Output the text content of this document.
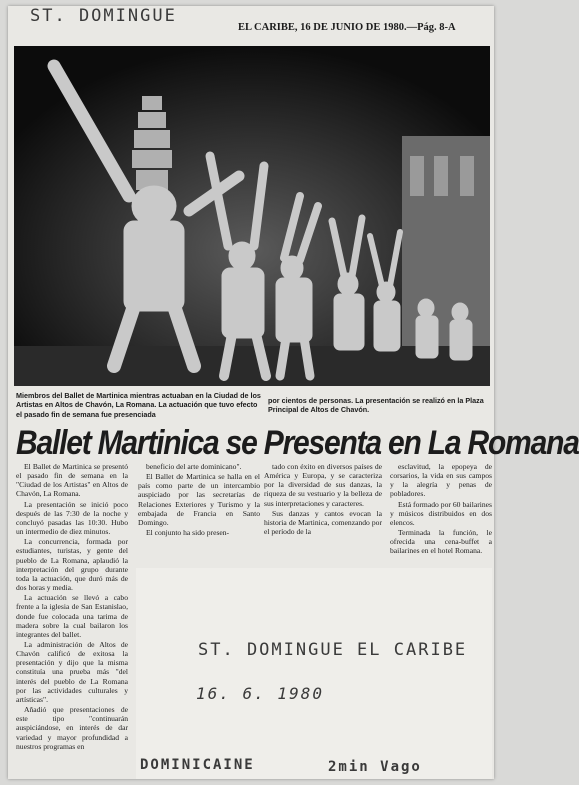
ST. DOMINGUE
EL CARIBE, 16 DE JUNIO DE 1980.—Pág. 8-A
Miembros del Ballet de Martinica mientras actuaban en la Ciudad de los Artistas en Altos de Chavón, La Romana. La actuación que tuvo efecto el pasado fin de semana fue presenciada
por cientos de personas. La presentación se realizó en la Plaza Principal de Altos de Chavón.
Ballet Martinica se Presenta en La Romana

El Ballet de Martinica se presentó el pasado fin de semana en la "Ciudad de los Artistas" en Altos de Chavón, La Romana.

La presentación se inició poco después de las 7:30 de la noche y concluyó pasadas las 10:30. Hubo un intermedio de diez minutos.

La concurrencia, formada por estudiantes, turistas, y gente del pueblo de La Romana, aplaudió la interpretación del grupo durante toda la actuación, que duró más de dos horas y media.

La actuación se llevó a cabo frente a la iglesia de San Estanislao, donde fue colocada una tarima de madera sobre la cual bailaron los integrantes del ballet.

La administración de Altos de Chavón calificó de exitosa la presentación y dijo que la misma constituía una prueba más "del interés del pueblo de La Romana por las actividades culturales y artísticas".

Añadió que presentaciones de este tipo "continuarán auspiciándose, en interés de dar variedad y mayor profundidad a nuestros programas en

beneficio del arte dominicano".

El Ballet de Martinica se halla en el país como parte de un intercambio auspiciado por las secretarías de Relaciones Exteriores y Turismo y la embajada de Francia en Santo Domingo.

El conjunto ha sido presen-

tado con éxito en diversos países de América y Europa, y se caracteriza por la diversidad de sus danzas, la riqueza de su vestuario y la belleza de sus interpretaciones y caracteres.

Sus danzas y cantos evocan la historia de Martinica, comenzando por el período de la

esclavitud, la epopeya de corsarios, la vida en sus campos y la alegría y penas de pobladores.

Está formado por 60 bailarines y músicos distribuidos en dos elencos.

Terminada la función, le ofrecida una cena-buffet a bailarines en el hotel Romana.

ST. DOMINGUE EL CARIBE
16. 6. 1980
DOMINICAINE	2min Vago
